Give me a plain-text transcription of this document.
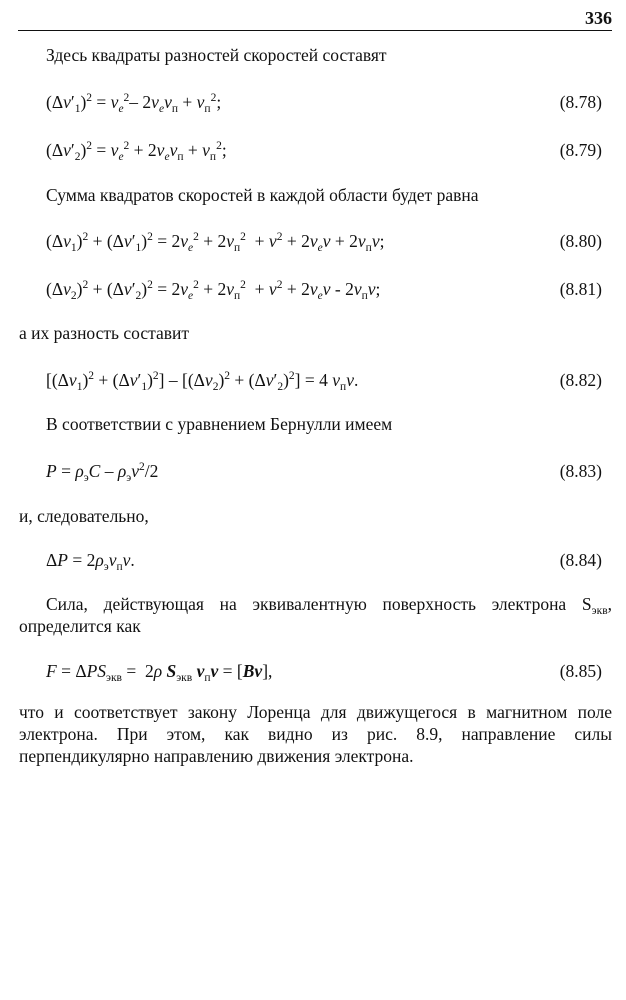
336
Здесь квадраты разностей скоростей составят
$(\Delta v'_1)^2 = v_e^2-$ $2v_ev_п + v_п^2$;	(8.78)
$(\Delta v'_2)^2 = v_e^2 + 2v_ev_п + v_п^2$;	(8.79)
Сумма квадратов скоростей в каждой области будет равна
$(\Delta v_1)^2 + (\Delta v'_1)^2 = 2v_e^2 + 2v_п^2 + v^2 + 2v_ev + 2v_пv$;	(8.80)
$(\Delta v_2)^2 + (\Delta v'_2)^2 = 2v_e^2 + 2v_п^2 + v^2 + 2v_ev - 2v_пv$;	(8.81)
а их разность составит
$[(\Delta v_1)^2 + (\Delta v'_1)^2] - [(\Delta v_2)^2 + (\Delta v'_2)^2] = 4$ $v_пv$.	(8.82)
В соответствии с уравнением Бернулли имеем
$P = \rho_эC - \rho_эv^2/2$	(8.83)
и, следовательно,
$\Delta P = 2\rho_эv_пv$.	(8.84)
Сила, действующая на эквивалентную поверхность электрона $S_{экв}$,
определится как
$F = \Delta PS_{экв} = 2\rho$ $S_{экв}$ $v_пv = [Bv]$,	(8.85)
что и соответствует закону Лоренца для движущегося в магнитном поле электрона. При этом, как видно из рис. 8.9, направление силы перпендикулярно направлению движения электрона.
